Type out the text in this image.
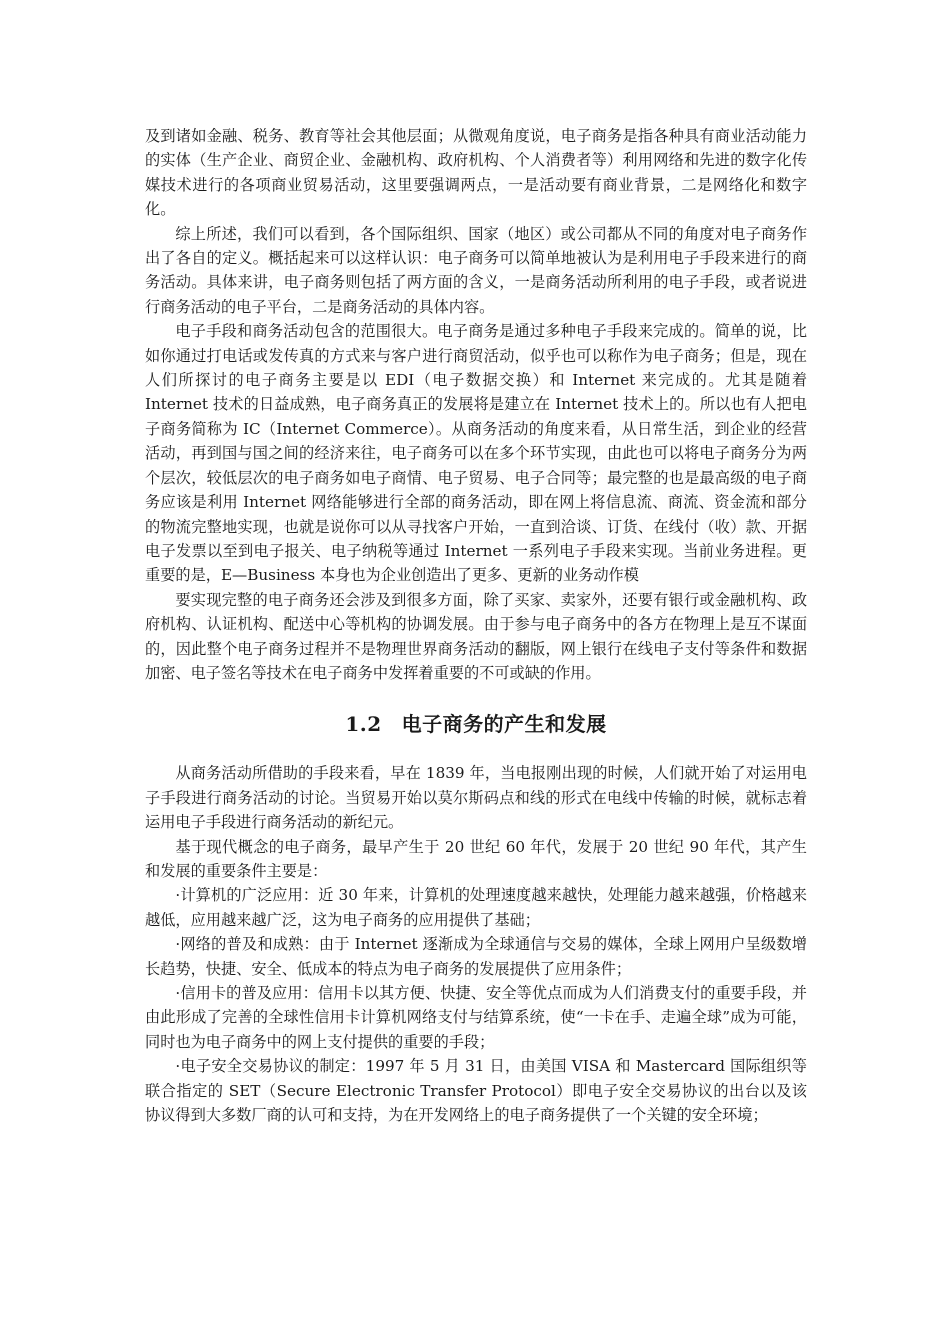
及到诸如金融、税务、教育等社会其他层面；从微观角度说，电子商务是指各种具有商业活动能力的实体（生产企业、商贸企业、金融机构、政府机构、个人消费者等）利用网络和先进的数字化传媒技术进行的各项商业贸易活动，这里要强调两点，一是活动要有商业背景，二是网络化和数字化。

综上所述，我们可以看到，各个国际组织、国家（地区）或公司都从不同的角度对电子商务作出了各自的定义。概括起来可以这样认识：电子商务可以简单地被认为是利用电子手段来进行的商务活动。具体来讲，电子商务则包括了两方面的含义，一是商务活动所利用的电子手段，或者说进行商务活动的电子平台，二是商务活动的具体内容。

电子手段和商务活动包含的范围很大。电子商务是通过多种电子手段来完成的。简单的说，比如你通过打电话或发传真的方式来与客户进行商贸活动，似乎也可以称作为电子商务；但是，现在人们所探讨的电子商务主要是以 EDI（电子数据交换）和 Internet 来完成的。尤其是随着 Internet 技术的日益成熟，电子商务真正的发展将是建立在 Internet 技术上的。所以也有人把电子商务简称为 IC（Internet Commerce）。从商务活动的角度来看，从日常生活，到企业的经营活动，再到国与国之间的经济来往，电子商务可以在多个环节实现，由此也可以将电子商务分为两个层次，较低层次的电子商务如电子商情、电子贸易、电子合同等；最完整的也是最高级的电子商务应该是利用 Internet 网络能够进行全部的商务活动，即在网上将信息流、商流、资金流和部分的物流完整地实现，也就是说你可以从寻找客户开始，一直到洽谈、订货、在线付（收）款、开据电子发票以至到电子报关、电子纳税等通过 Internet 一系列电子手段来实现。当前业务进程。更重要的是，E—Business 本身也为企业创造出了更多、更新的业务动作模

要实现完整的电子商务还会涉及到很多方面，除了买家、卖家外，还要有银行或金融机构、政府机构、认证机构、配送中心等机构的协调发展。由于参与电子商务中的各方在物理上是互不谋面的，因此整个电子商务过程并不是物理世界商务活动的翻版，网上银行在线电子支付等条件和数据加密、电子签名等技术在电子商务中发挥着重要的不可或缺的作用。

1.2 电子商务的产生和发展

从商务活动所借助的手段来看，早在 1839 年，当电报刚出现的时候，人们就开始了对运用电子手段进行商务活动的讨论。当贸易开始以莫尔斯码点和线的形式在电线中传输的时候，就标志着运用电子手段进行商务活动的新纪元。

基于现代概念的电子商务，最早产生于 20 世纪 60 年代，发展于 20 世纪 90 年代，其产生和发展的重要条件主要是：

·计算机的广泛应用：近 30 年来，计算机的处理速度越来越快，处理能力越来越强，价格越来越低，应用越来越广泛，这为电子商务的应用提供了基础；

·网络的普及和成熟：由于 Internet 逐渐成为全球通信与交易的媒体，全球上网用户呈级数增长趋势，快捷、安全、低成本的特点为电子商务的发展提供了应用条件；

·信用卡的普及应用：信用卡以其方便、快捷、安全等优点而成为人们消费支付的重要手段，并由此形成了完善的全球性信用卡计算机网络支付与结算系统，使“一卡在手、走遍全球”成为可能，同时也为电子商务中的网上支付提供的重要的手段；

·电子安全交易协议的制定：1997 年 5 月 31 日，由美国 VISA 和 Mastercard 国际组织等联合指定的 SET（Secure Electronic Transfer Protocol）即电子安全交易协议的出台以及该协议得到大多数厂商的认可和支持，为在开发网络上的电子商务提供了一个关键的安全环境；
